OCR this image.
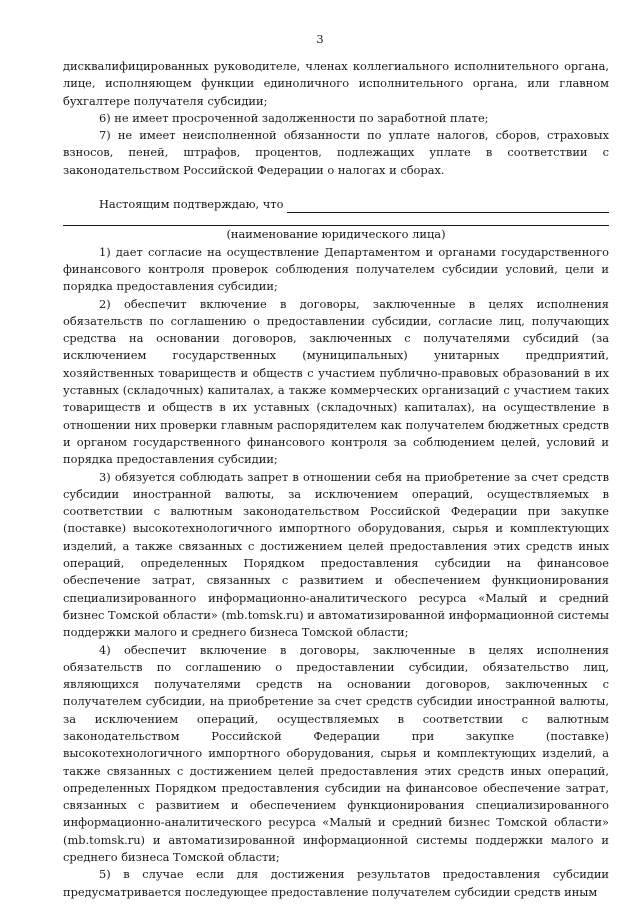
3

дисквалифицированных руководителе, членах коллегиального исполнительного органа, лице, исполняющем функции единоличного исполнительного органа, или главном бухгалтере получателя субсидии;

6) не имеет просроченной задолженности по заработной плате;

7) не имеет неисполненной обязанности по уплате налогов, сборов, страховых взносов, пеней, штрафов, процентов, подлежащих уплате в соответствии с законодательством Российской Федерации о налогах и сборах.

Настоящим подтверждаю, что
(наименование юридического лица)

1) дает согласие на осуществление Департаментом и органами государственного финансового контроля проверок соблюдения получателем субсидии условий, цели и порядка предоставления субсидии;

2) обеспечит включение в договоры, заключенные в целях исполнения обязательств по соглашению о предоставлении субсидии, согласие лиц, получающих средства на основании договоров, заключенных с получателями субсидий (за исключением государственных (муниципальных) унитарных предприятий, хозяйственных товариществ и обществ с участием публично-правовых образований в их уставных (складочных) капиталах, а также коммерческих организаций с участием таких товариществ и обществ в их уставных (складочных) капиталах), на осуществление в отношении них проверки главным распорядителем как получателем бюджетных средств и органом государственного финансового контроля за соблюдением целей, условий и порядка предоставления субсидии;

3) обязуется соблюдать запрет в отношении себя на приобретение за счет средств субсидии иностранной валюты, за исключением операций, осуществляемых в соответствии с валютным законодательством Российской Федерации при закупке (поставке) высокотехнологичного импортного оборудования, сырья и комплектующих изделий, а также связанных с достижением целей предоставления этих средств иных операций, определенных Порядком предоставления субсидии на финансовое обеспечение затрат, связанных с развитием и обеспечением функционирования специализированного информационно-аналитического ресурса «Малый и средний бизнес Томской области» (mb.tomsk.ru) и автоматизированной информационной системы поддержки малого и среднего бизнеса Томской области;

4) обеспечит включение в договоры, заключенные в целях исполнения обязательств по соглашению о предоставлении субсидии, обязательство лиц, являющихся получателями средств на основании договоров, заключенных с получателем субсидии, на приобретение за счет средств субсидии иностранной валюты, за исключением операций, осуществляемых в соответствии с валютным законодательством Российской Федерации при закупке (поставке) высокотехнологичного импортного оборудования, сырья и комплектующих изделий, а также связанных с достижением целей предоставления этих средств иных операций, определенных Порядком предоставления субсидии на финансовое обеспечение затрат, связанных с развитием и обеспечением функционирования специализированного информационно-аналитического ресурса «Малый и средний бизнес Томской области» (mb.tomsk.ru) и автоматизированной информационной системы поддержки малого и среднего бизнеса Томской области;

5) в случае если для достижения результатов предоставления субсидии предусматривается последующее предоставление получателем субсидии средств иным
